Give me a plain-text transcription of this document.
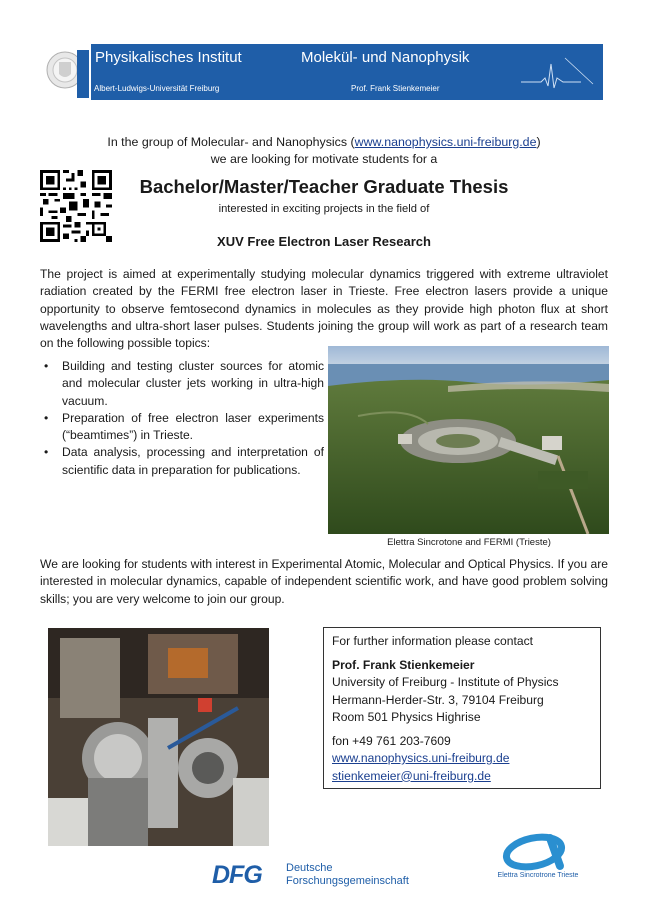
Physikalisches Institut	Molekül- und Nanophysik
Albert-Ludwigs-Universität Freiburg	Prof. Frank Stienkemeier
In the group of Molecular- and Nanophysics (www.nanophysics.uni-freiburg.de)
we are looking for motivate students for a
Bachelor/Master/Teacher Graduate Thesis
interested in exciting projects in the field of
XUV Free Electron Laser Research
The project is aimed at experimentally studying molecular dynamics triggered with extreme ultraviolet radiation created by the FERMI free electron laser in Trieste. Free electron lasers provide a unique opportunity to observe femtosecond dynamics in molecules as they provide high photon flux at short wavelengths and ultra-short laser pulses. Students joining the group will work as part of a research team on the following possible topics:
• Building and testing cluster sources for atomic and molecular cluster jets working in ultra-high vacuum.
• Preparation of free electron laser experiments (“beamtimes”) in Trieste.
• Data analysis, processing and interpretation of scientific data in preparation for publications.
Elettra Sincrotone and FERMI (Trieste)
We are looking for students with interest in Experimental Atomic, Molecular and Optical Physics. If you are interested in molecular dynamics, capable of independent scientific work, and have good problem solving skills; you are very welcome to join our group.
For further information please contact
Prof. Frank Stienkemeier
University of Freiburg - Institute of Physics
Hermann-Herder-Str. 3, 79104 Freiburg
Room 501 Physics Highrise
fon +49 761 203-7609
www.nanophysics.uni-freiburg.de
stienkemeier@uni-freiburg.de
DFG Deutsche
Forschungsgemeinschaft	Elettra Sincrotrone Trieste
